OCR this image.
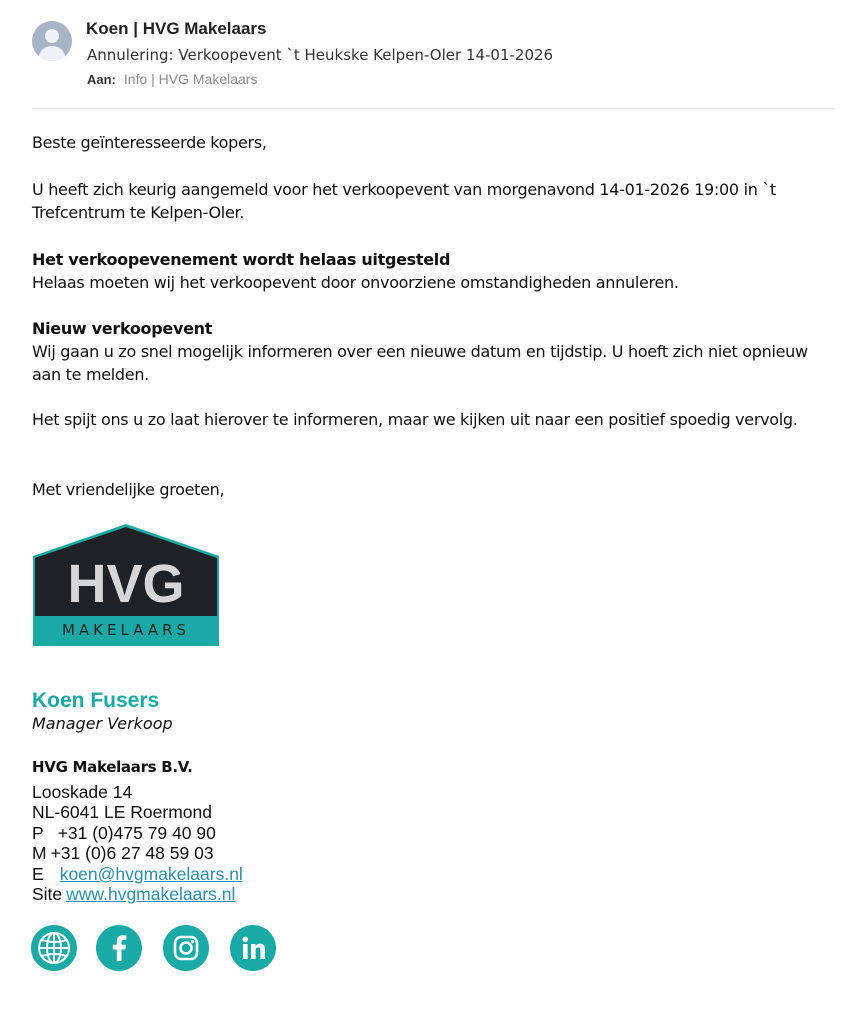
Koen | HVG Makelaars
Annulering: Verkoopevent `t Heukske Kelpen-Oler 14-01-2026
Aan: Info | HVG Makelaars
Beste geïnteresseerde kopers,
U heeft zich keurig aangemeld voor het verkoopevent van morgenavond 14-01-2026 19:00 in `t Trefcentrum te Kelpen-Oler.
Het verkoopevenement wordt helaas uitgesteld
Helaas moeten wij het verkoopevent door onvoorziene omstandigheden annuleren.
Nieuw verkoopevent
Wij gaan u zo snel mogelijk informeren over een nieuwe datum en tijdstip. U hoeft zich niet opnieuw aan te melden.
Het spijt ons u zo laat hierover te informeren, maar we kijken uit naar een positief spoedig vervolg.
Met vriendelijke groeten,
HVG
MAKELAARS
Koen Fusers
Manager Verkoop
HVG Makelaars B.V.
Looskade 14
NL-6041 LE Roermond
P +31 (0)475 79 40 90
M +31 (0)6 27 48 59 03
E koen@hvgmakelaars.nl
Site www.hvgmakelaars.nl
